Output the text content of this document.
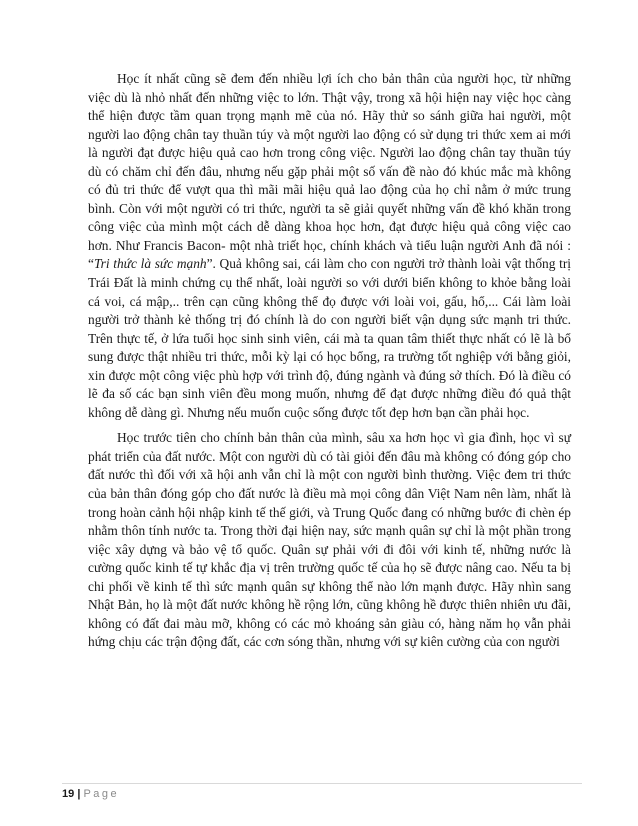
Học ít nhất cũng sẽ đem đến nhiều lợi ích cho bản thân của người học, từ những việc dù là nhỏ nhất đến những việc to lớn. Thật vậy, trong xã hội hiện nay việc học càng thể hiện được tầm quan trọng mạnh mẽ của nó. Hãy thử so sánh giữa hai người, một người lao động chân tay thuần túy và một người lao động có sử dụng tri thức xem ai mới là người đạt được hiệu quả cao hơn trong công việc. Người lao động chân tay thuần túy dù có chăm chỉ đến đâu, nhưng nếu gặp phải một số vấn đề nào đó khúc mắc mà không có đủ tri thức để vượt qua thì mãi mãi hiệu quả lao động của họ chỉ nằm ở mức trung bình. Còn với một người có tri thức, người ta sẽ giải quyết những vấn đề khó khăn trong công việc của mình một cách dễ dàng khoa học hơn, đạt được hiệu quả công việc cao hơn. Như Francis Bacon- một nhà triết học, chính khách và tiểu luận người Anh đã nói : “Tri thức là sức mạnh”. Quả không sai, cái làm cho con người trở thành loài vật thống trị Trái Đất là minh chứng cụ thể nhất, loài người so với dưới biển không to khỏe bằng loài cá voi, cá mập,.. trên cạn cũng không thể đọ được với loài voi, gấu, hổ,... Cái làm loài người trở thành kẻ thống trị đó chính là do con người biết vận dụng sức mạnh tri thức. Trên thực tế, ở lứa tuổi học sinh sinh viên, cái mà ta quan tâm thiết thực nhất có lẽ là bổ sung được thật nhiều tri thức, mỗi kỳ lại có học bổng, ra trường tốt nghiệp với bằng giỏi, xin được một công việc phù hợp với trình độ, đúng ngành và đúng sở thích. Đó là điều có lẽ đa số các bạn sinh viên đều mong muốn, nhưng để đạt được những điều đó quả thật không dễ dàng gì. Nhưng nếu muốn cuộc sống được tốt đẹp hơn bạn cần phải học.

Học trước tiên cho chính bản thân của mình, sâu xa hơn học vì gia đình, học vì sự phát triển của đất nước. Một con người dù có tài giỏi đến đâu mà không có đóng góp cho đất nước thì đối với xã hội anh vẫn chỉ là một con người bình thường. Việc đem tri thức của bản thân đóng góp cho đất nước là điều mà mọi công dân Việt Nam nên làm, nhất là trong hoàn cảnh hội nhập kinh tế thế giới, và Trung Quốc đang có những bước đi chèn ép nhằm thôn tính nước ta. Trong thời đại hiện nay, sức mạnh quân sự chỉ là một phần trong việc xây dựng và bảo vệ tổ quốc. Quân sự phải với đi đôi với kinh tế, những nước là cường quốc kinh tế tự khắc địa vị trên trường quốc tế của họ sẽ được nâng cao. Nếu ta bị chi phối về kinh tế thì sức mạnh quân sự không thể nào lớn mạnh được. Hãy nhìn sang Nhật Bản, họ là một đất nước không hề rộng lớn, cũng không hề được thiên nhiên ưu đãi, không có đất đai màu mỡ, không có các mỏ khoáng sản giàu có, hàng năm họ vẫn phải hứng chịu các trận động đất, các cơn sóng thần, nhưng với sự kiên cường của con người

19 | Page
